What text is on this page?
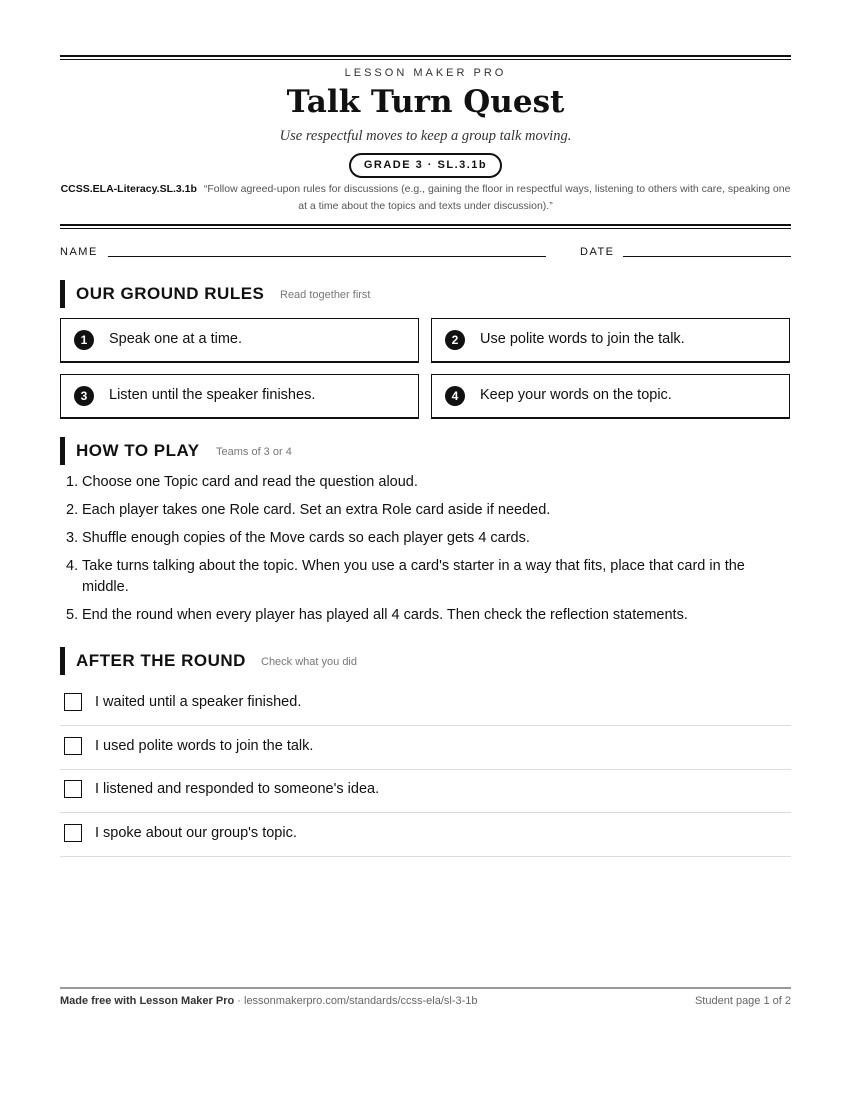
LESSON MAKER PRO
Talk Turn Quest
Use respectful moves to keep a group talk moving.
GRADE 3 · SL.3.1b
CCSS.ELA-Literacy.SL.3.1b “Follow agreed-upon rules for discussions (e.g., gaining the floor in respectful ways, listening to others with care, speaking one at a time about the topics and texts under discussion).”
NAME	DATE
OUR GROUND RULES Read together first
1	Speak one at a time.	2	Use polite words to join the talk.
3	Listen until the speaker finishes.	4	Keep your words on the topic.
HOW TO PLAY Teams of 3 or 4
1. Choose one Topic card and read the question aloud.
2. Each player takes one Role card. Set an extra Role card aside if needed.
3. Shuffle enough copies of the Move cards so each player gets 4 cards.
4. Take turns talking about the topic. When you use a card's starter in a way that fits, place that card in the middle.
5. End the round when every player has played all 4 cards. Then check the reflection statements.
AFTER THE ROUND Check what you did
I waited until a speaker finished.
I used polite words to join the talk.
I listened and responded to someone's idea.
I spoke about our group's topic.
Made free with Lesson Maker Pro · lessonmakerpro.com/standards/ccss-ela/sl-3-1b	Student page 1 of 2
